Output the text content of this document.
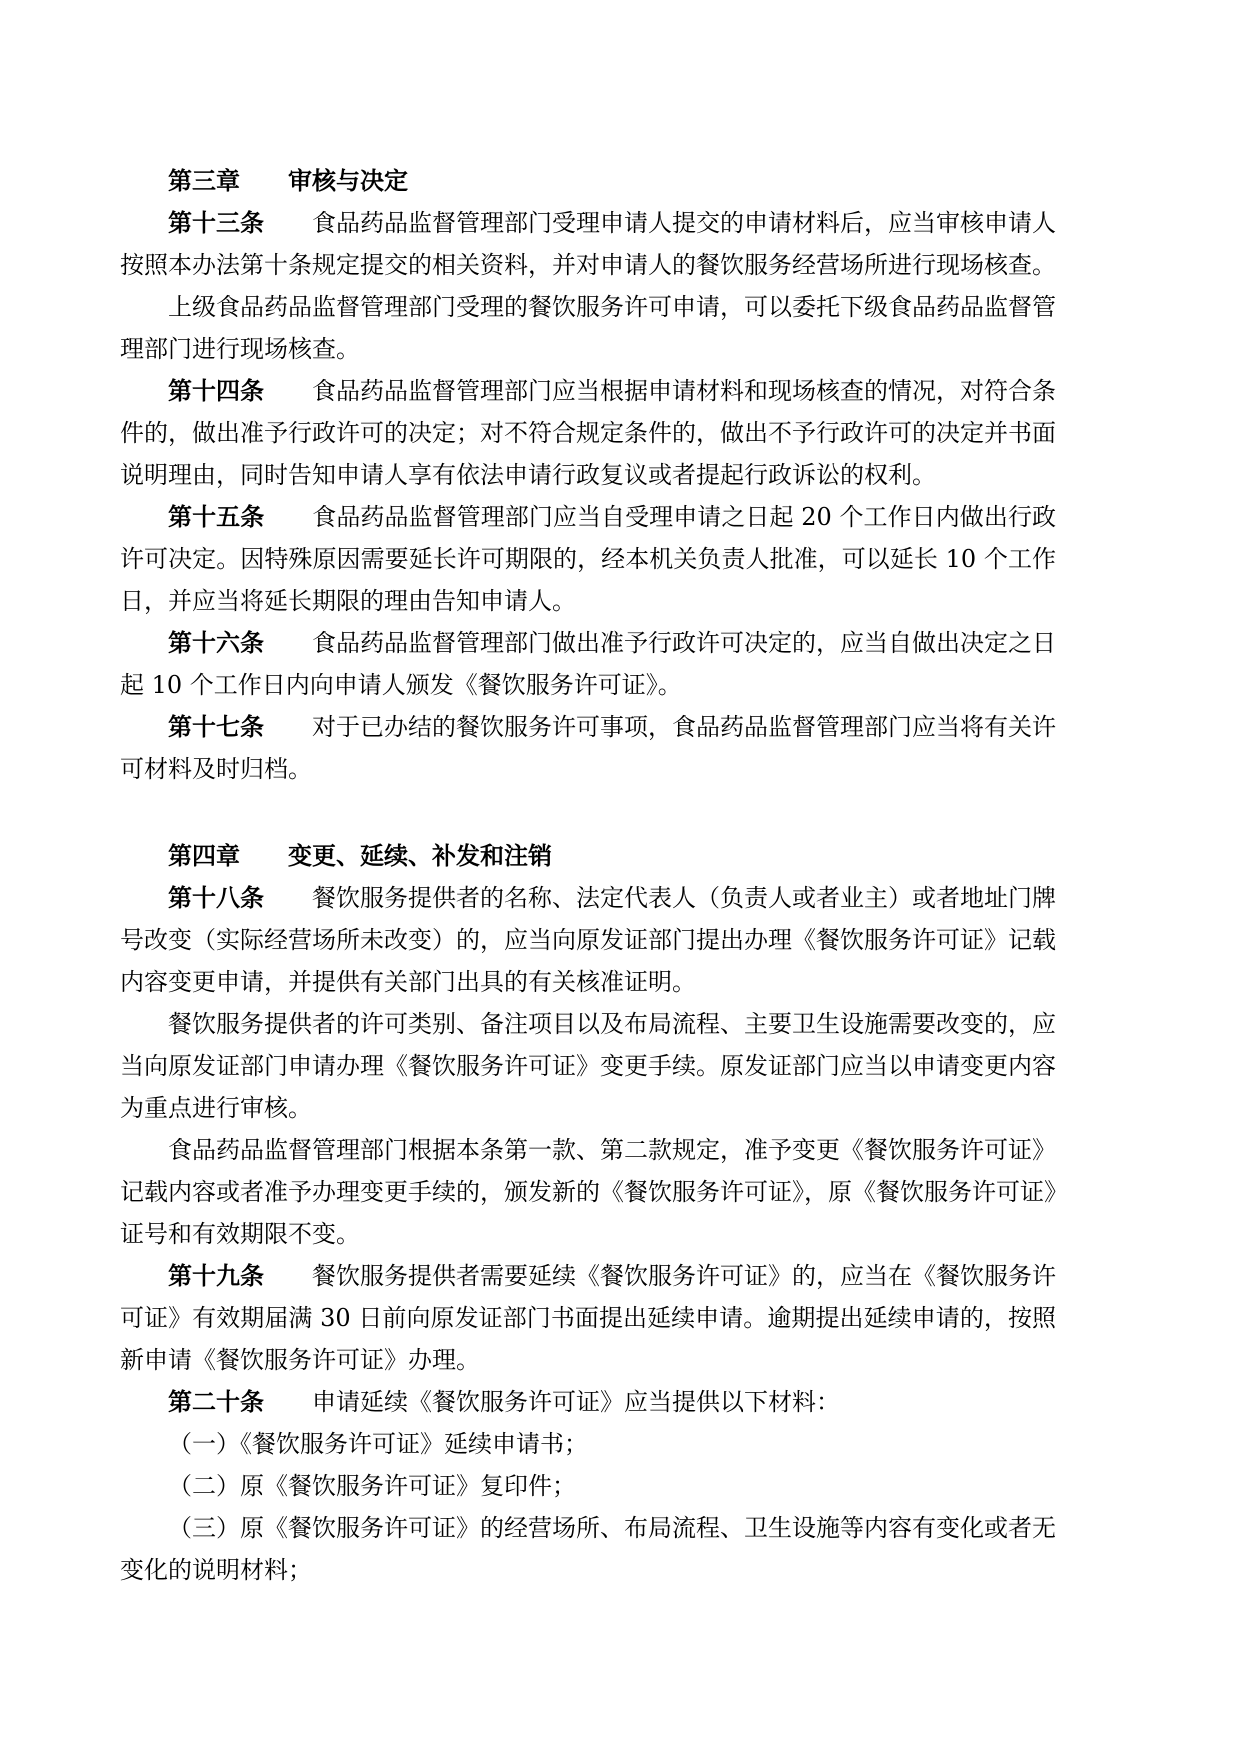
第三章 审核与决定

第十三条 食品药品监督管理部门受理申请人提交的申请材料后，应当审核申请人按照本办法第十条规定提交的相关资料，并对申请人的餐饮服务经营场所进行现场核查。

上级食品药品监督管理部门受理的餐饮服务许可申请，可以委托下级食品药品监督管理部门进行现场核查。

第十四条 食品药品监督管理部门应当根据申请材料和现场核查的情况，对符合条件的，做出准予行政许可的决定；对不符合规定条件的，做出不予行政许可的决定并书面说明理由，同时告知申请人享有依法申请行政复议或者提起行政诉讼的权利。

第十五条 食品药品监督管理部门应当自受理申请之日起 20 个工作日内做出行政许可决定。因特殊原因需要延长许可期限的，经本机关负责人批准，可以延长 10 个工作日，并应当将延长期限的理由告知申请人。

第十六条 食品药品监督管理部门做出准予行政许可决定的，应当自做出决定之日起 10 个工作日内向申请人颁发《餐饮服务许可证》。

第十七条 对于已办结的餐饮服务许可事项，食品药品监督管理部门应当将有关许可材料及时归档。

第四章 变更、延续、补发和注销

第十八条 餐饮服务提供者的名称、法定代表人（负责人或者业主）或者地址门牌号改变（实际经营场所未改变）的，应当向原发证部门提出办理《餐饮服务许可证》记载内容变更申请，并提供有关部门出具的有关核准证明。

餐饮服务提供者的许可类别、备注项目以及布局流程、主要卫生设施需要改变的，应当向原发证部门申请办理《餐饮服务许可证》变更手续。原发证部门应当以申请变更内容为重点进行审核。

食品药品监督管理部门根据本条第一款、第二款规定，准予变更《餐饮服务许可证》记载内容或者准予办理变更手续的，颁发新的《餐饮服务许可证》，原《餐饮服务许可证》证号和有效期限不变。

第十九条 餐饮服务提供者需要延续《餐饮服务许可证》的，应当在《餐饮服务许可证》有效期届满 30 日前向原发证部门书面提出延续申请。逾期提出延续申请的，按照新申请《餐饮服务许可证》办理。

第二十条 申请延续《餐饮服务许可证》应当提供以下材料：

（一）《餐饮服务许可证》延续申请书；

（二）原《餐饮服务许可证》复印件；

（三）原《餐饮服务许可证》的经营场所、布局流程、卫生设施等内容有变化或者无变化的说明材料；
